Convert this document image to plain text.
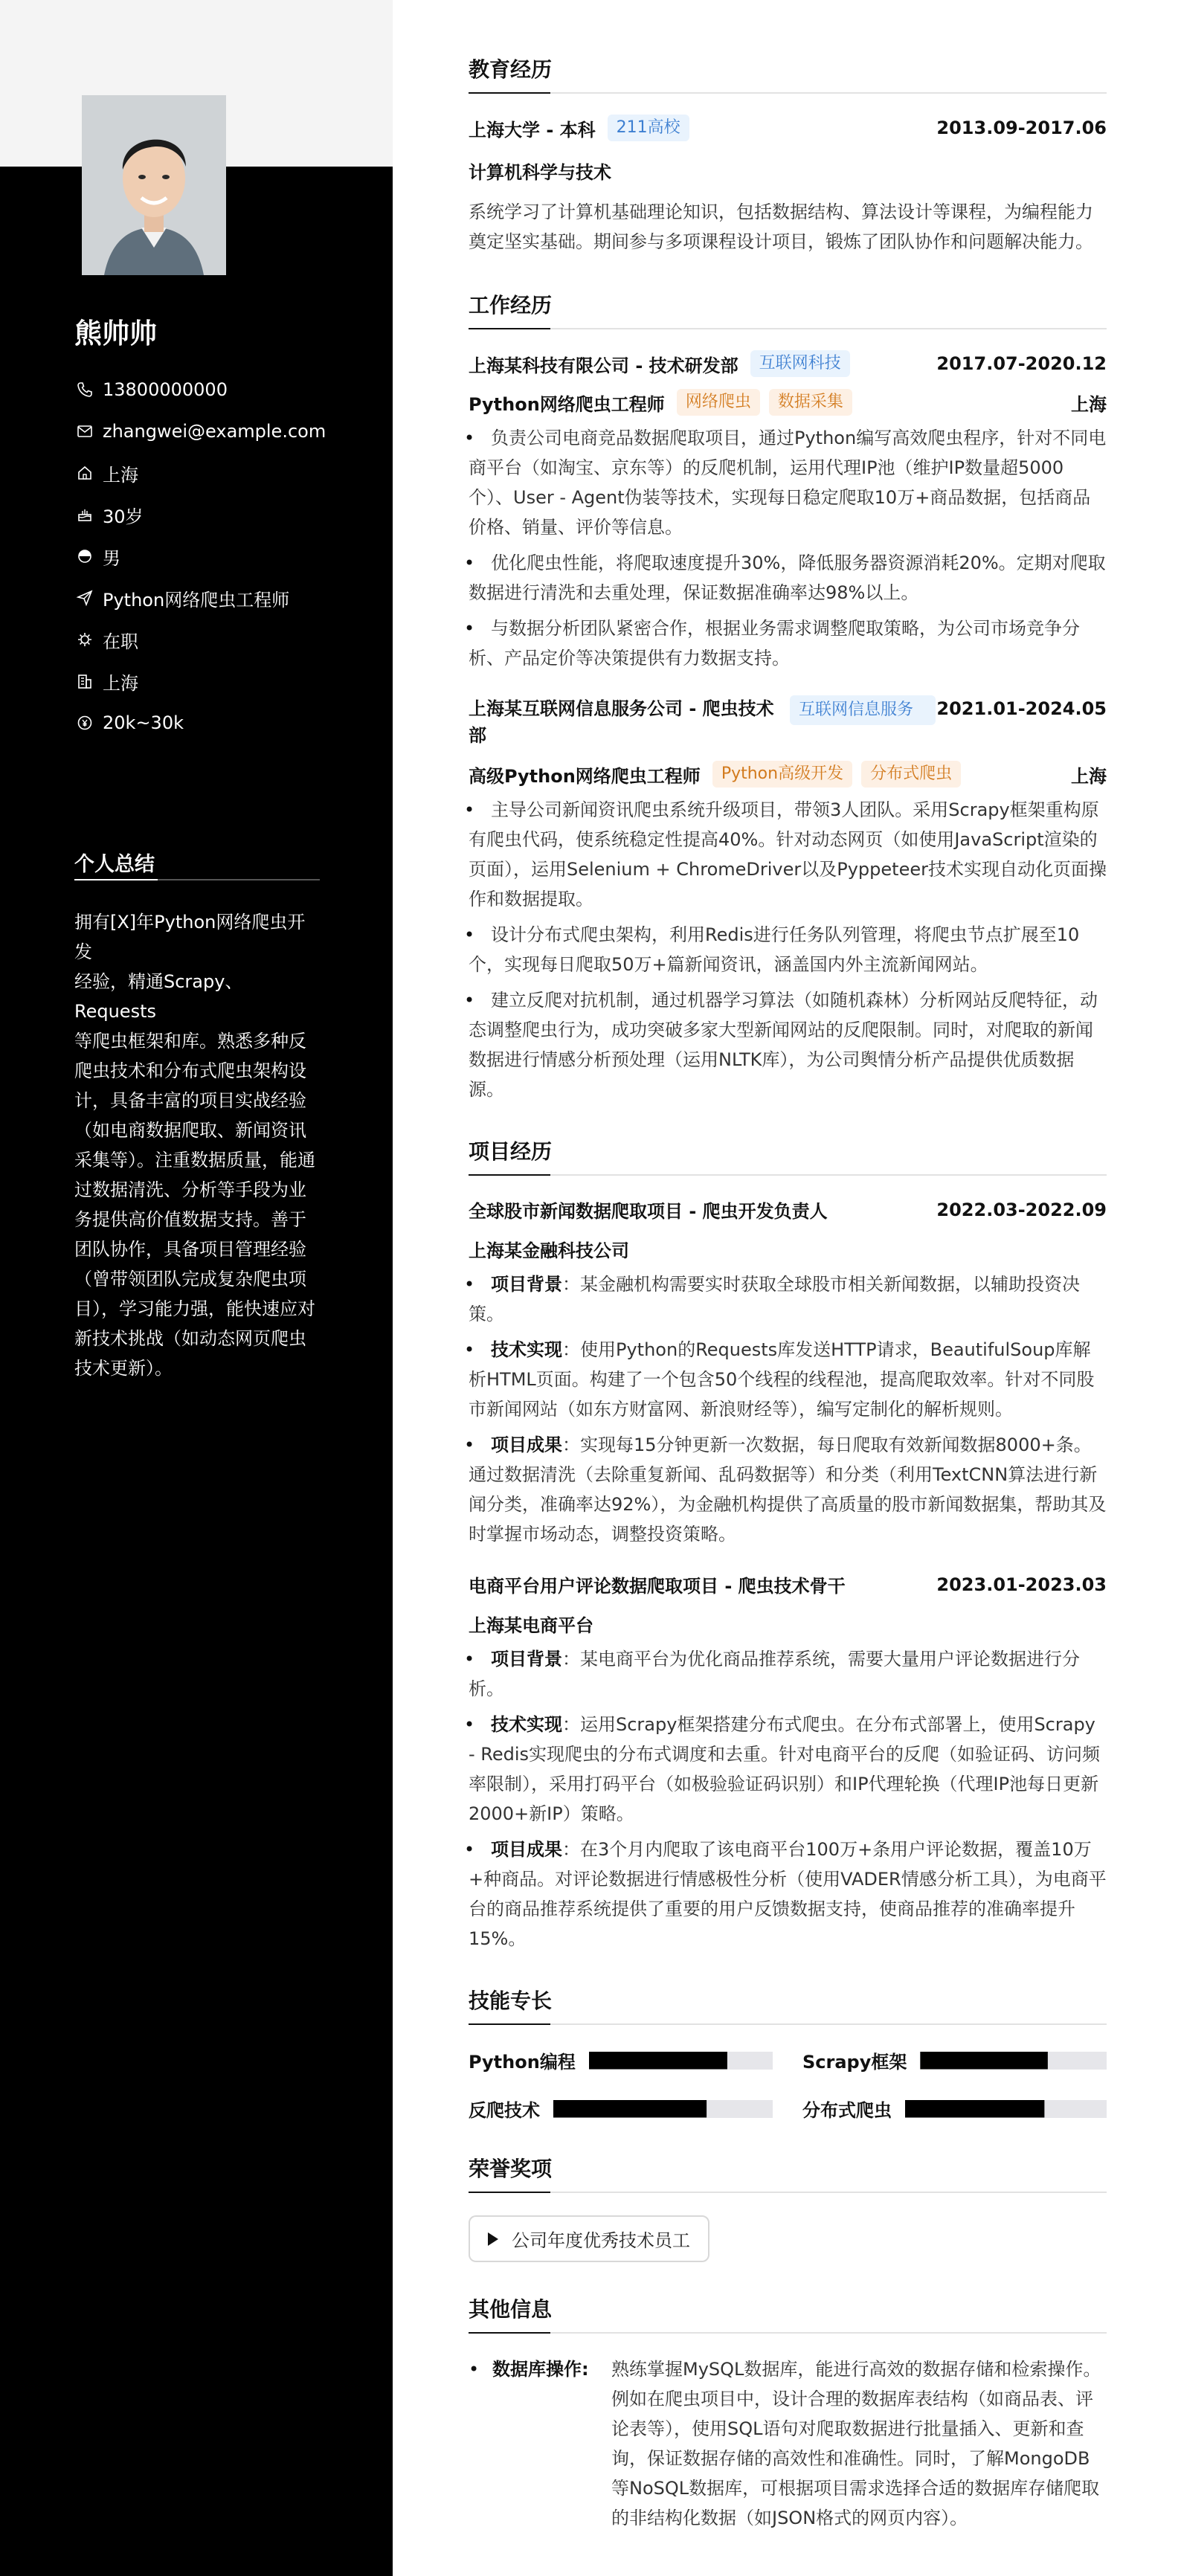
熊帅帅
13800000000
zhangwei@example.com
上海
30岁
男
Python网络爬虫工程师
在职
上海
20k~30k
个人总结
拥有[X]年Python网络爬虫开发
经验，精通Scrapy、Requests
等爬虫框架和库。熟悉多种反
爬虫技术和分布式爬虫架构设
计，具备丰富的项目实战经验
（如电商数据爬取、新闻资讯
采集等）。注重数据质量，能通
过数据清洗、分析等手段为业
务提供高价值数据支持。善于
团队协作，具备项目管理经验
（曾带领团队完成复杂爬虫项
目），学习能力强，能快速应对
新技术挑战（如动态网页爬虫
技术更新）。
教育经历
上海大学 - 本科	211高校	2013.09-2017.06
计算机科学与技术
系统学习了计算机基础理论知识，包括数据结构、算法设计等课程，为编程能力奠定坚实基础。期间参与多项课程设计项目，锻炼了团队协作和问题解决能力。
工作经历
上海某科技有限公司 - 技术研发部	互联网科技	2017.07-2020.12
Python网络爬虫工程师	网络爬虫	数据采集	上海
• 负责公司电商竞品数据爬取项目，通过Python编写高效爬虫程序，针对不同电商平台（如淘宝、京东等）的反爬机制，运用代理IP池（维护IP数量超5000个）、User - Agent伪装等技术，实现每日稳定爬取10万+商品数据，包括商品价格、销量、评价等信息。
• 优化爬虫性能，将爬取速度提升30%，降低服务器资源消耗20%。定期对爬取数据进行清洗和去重处理，保证数据准确率达98%以上。
• 与数据分析团队紧密合作，根据业务需求调整爬取策略，为公司市场竞争分析、产品定价等决策提供有力数据支持。
上海某互联网信息服务公司 - 爬虫技术部
互联网信息服务	2021.01-2024.05
高级Python网络爬虫工程师	Python高级开发	分布式爬虫	上海
• 主导公司新闻资讯爬虫系统升级项目，带领3人团队。采用Scrapy框架重构原有爬虫代码，使系统稳定性提高40%。针对动态网页（如使用JavaScript渲染的页面），运用Selenium + ChromeDriver以及Pyppeteer技术实现自动化页面操作和数据提取。
• 设计分布式爬虫架构，利用Redis进行任务队列管理，将爬虫节点扩展至10个，实现每日爬取50万+篇新闻资讯，涵盖国内外主流新闻网站。
• 建立反爬对抗机制，通过机器学习算法（如随机森林）分析网站反爬特征，动态调整爬虫行为，成功突破多家大型新闻网站的反爬限制。同时，对爬取的新闻数据进行情感分析预处理（运用NLTK库），为公司舆情分析产品提供优质数据源。
项目经历
全球股市新闻数据爬取项目 - 爬虫开发负责人	2022.03-2022.09
上海某金融科技公司
• 项目背景：某金融机构需要实时获取全球股市相关新闻数据，以辅助投资决策。
• 技术实现：使用Python的Requests库发送HTTP请求，BeautifulSoup库解析HTML页面。构建了一个包含50个线程的线程池，提高爬取效率。针对不同股市新闻网站（如东方财富网、新浪财经等），编写定制化的解析规则。
• 项目成果：实现每15分钟更新一次数据，每日爬取有效新闻数据8000+条。通过数据清洗（去除重复新闻、乱码数据等）和分类（利用TextCNN算法进行新闻分类，准确率达92%），为金融机构提供了高质量的股市新闻数据集，帮助其及时掌握市场动态，调整投资策略。
电商平台用户评论数据爬取项目 - 爬虫技术骨干	2023.01-2023.03
上海某电商平台
• 项目背景：某电商平台为优化商品推荐系统，需要大量用户评论数据进行分析。
• 技术实现：运用Scrapy框架搭建分布式爬虫。在分布式部署上，使用Scrapy - Redis实现爬虫的分布式调度和去重。针对电商平台的反爬（如验证码、访问频率限制），采用打码平台（如极验验证码识别）和IP代理轮换（代理IP池每日更新2000+新IP）策略。
• 项目成果：在3个月内爬取了该电商平台100万+条用户评论数据，覆盖10万+种商品。对评论数据进行情感极性分析（使用VADER情感分析工具），为电商平台的商品推荐系统提供了重要的用户反馈数据支持，使商品推荐的准确率提升15%。
技能专长
Python编程	Scrapy框架
反爬技术	分布式爬虫
荣誉奖项
公司年度优秀技术员工
其他信息
• 数据库操作:	熟练掌握MySQL数据库，能进行高效的数据存储和检索操作。例如在爬虫项目中，设计合理的数据库表结构（如商品表、评论表等），使用SQL语句对爬取数据进行批量插入、更新和查询，保证数据存储的高效性和准确性。同时，了解MongoDB等NoSQL数据库，可根据项目需求选择合适的数据库存储爬取的非结构化数据（如JSON格式的网页内容）。
